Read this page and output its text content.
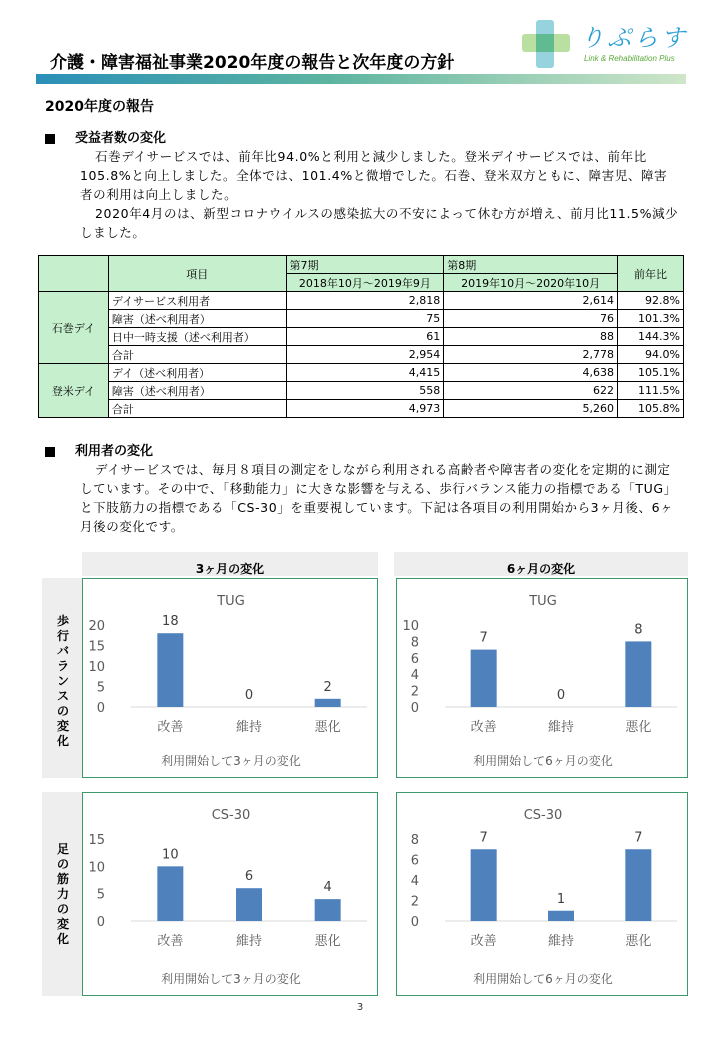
介護・障害福祉事業2020年度の報告と次年度の方針
りぷらす
Link & Rehabilitation Plus
2020年度の報告
受益者数の変化

石巻デイサービスでは、前年比94.0%と利用と減少しました。登米デイサービスでは、前年比105.8%と向上しました。全体では、101.4%と微増でした。石巻、登米双方ともに、障害児、障害者の利用は向上しました。

2020年4月のは、新型コロナウイルスの感染拡大の不安によって休む方が増え、前月比11.5%減少しました。

	項目	第7期	第8期	前年比
		2018年10月～2019年9月	2019年10月～2020年10月	
石巻デイ	デイサービス利用者	2,818	2,614	92.8%
	障害（述べ利用者）	75	76	101.3%
	日中一時支援（述べ利用者）	61	88	144.3%
	合計	2,954	2,778	94.0%
登米デイ	デイ（述べ利用者）	4,415	4,638	105.1%
	障害（述べ利用者）	558	622	111.5%
	合計	4,973	5,260	105.8%
利用者の変化

デイサービスでは、毎月８項目の測定をしながら利用される高齢者や障害者の変化を定期的に測定しています。その中で、「移動能力」に大きな影響を与える、歩行バランス能力の指標である「TUG」と下肢筋力の指標である「CS-30」を重要視しています。下記は各項目の利用開始から3ヶ月後、6ヶ月後の変化です。

3ヶ月の変化	6ヶ月の変化
歩行バランスの変化
足の筋力の変化
TUG
0
5
10
15
20	18
改善
0
維持
2
悪化
利用開始して3ヶ月の変化
TUG
0
2
4
6
8
10
7
改善
0
維持
8
悪化
利用開始して6ヶ月の変化
CS-30
0
5
10
15
10
改善
6
維持
4
悪化
利用開始して3ヶ月の変化
CS-30
0
2
4
6
8	7
改善
1
維持
7
悪化
利用開始して6ヶ月の変化
3
